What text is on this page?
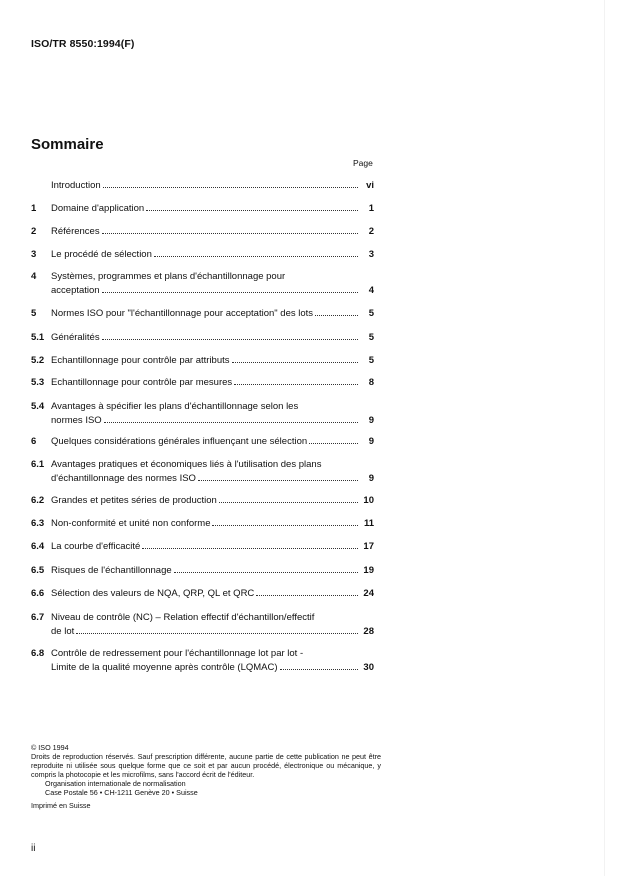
ISO/TR 8550:1994(F)
Sommaire
Page
Introduction	vi
1 Domaine d'application	1
2 Références	2
3 Le procédé de sélection	3
4 Systèmes, programmes et plans d'échantillonnage pour
acceptation	4
5 Normes ISO pour "l'échantillonnage pour acceptation" des lots	5
5.1 Généralités	5
5.2 Echantillonnage pour contrôle par attributs	5
5.3 Echantillonnage pour contrôle par mesures	8
5.4 Avantages à spécifier les plans d'échantillonnage selon les
normes ISO	9
6 Quelques considérations générales influençant une sélection	9
6.1 Avantages pratiques et économiques liés à l'utilisation des plans
d'échantillonnage des normes ISO	9
6.2 Grandes et petites séries de production	10
6.3 Non-conformité et unité non conforme	11
6.4 La courbe d'efficacité	17
6.5 Risques de l'échantillonnage	19
6.6 Sélection des valeurs de NQA, QRP, QL et QRC	24
6.7 Niveau de contrôle (NC) – Relation effectif d'échantillon/effectif
de lot	28
6.8 Contrôle de redressement pour l'échantillonnage lot par lot -
Limite de la qualité moyenne après contrôle (LQMAC)	30
© ISO 1994
Droits de reproduction réservés. Sauf prescription différente, aucune partie de cette publication ne peut être reproduite ni utilisée sous quelque forme que ce soit et par aucun procédé, électronique ou mécanique, y compris la photocopie et les microfilms, sans l'accord écrit de l'éditeur.
Organisation internationale de normalisation
Case Postale 56 • CH-1211 Genève 20 • Suisse
Imprimé en Suisse
ii
